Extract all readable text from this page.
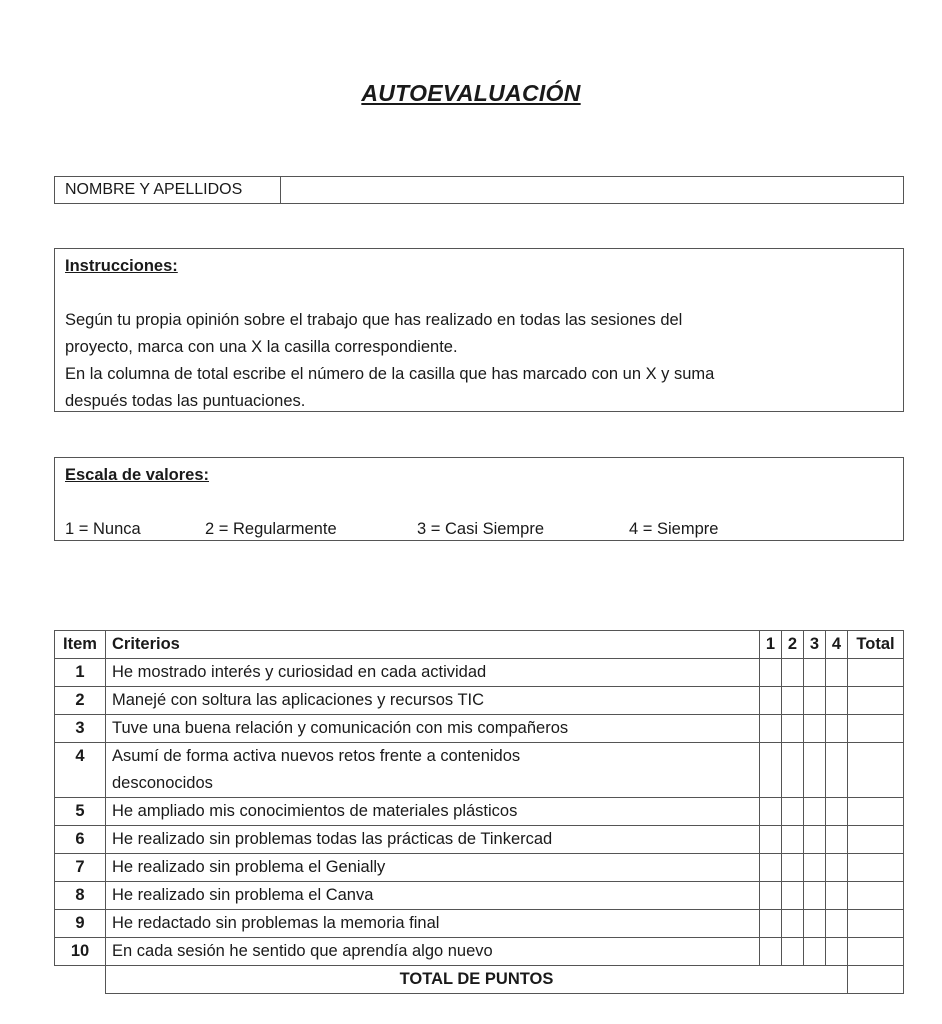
AUTOEVALUACIÓN
NOMBRE Y APELLIDOS
Instrucciones:
Según tu propia opinión sobre el trabajo que has realizado en todas las sesiones del
proyecto, marca con una X la casilla correspondiente.
En la columna de total escribe el número de la casilla que has marcado con un X y suma
después todas las puntuaciones.
Escala de valores:
1 = Nunca	2 = Regularmente	3 = Casi Siempre	4 = Siempre
Item	Criterios	1	2	3	4	Total
1	He mostrado interés y curiosidad en cada actividad					
2	Manejé con soltura las aplicaciones y recursos TIC					
3	Tuve una buena relación y comunicación con mis compañeros					
4	Asumí de forma activa nuevos retos frente a contenidos
desconocidos					

5	He ampliado mis conocimientos de materiales plásticos					
6	He realizado sin problemas todas las prácticas de Tinkercad					
7	He realizado sin problema el Genially					
8	He realizado sin problema el Canva					
9	He redactado sin problemas la memoria final					
10	En cada sesión he sentido que aprendía algo nuevo					
	TOTAL DE PUNTOS					
